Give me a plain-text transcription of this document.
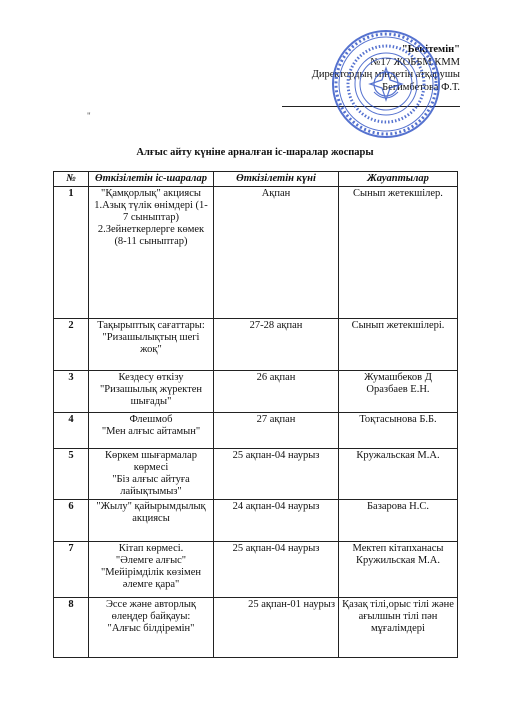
"Бекітемін"
№17 ЖОББМ КММ
Директордың міндетін атқарушы
Бегимбетова Ф.Т.
"
Алғыс айту күніне арналған іс-шаралар жоспары
№	Өткізілетін іс-шаралар	Өткізілетін күні	Жауаптылар
1	"Қамқорлық" акциясы
1.Азық түлік өнімдері (1-7 сыныптар)
2.Зейнеткерлерге көмек (8-11 сыныптар)	Ақпан	Сынып жетекшілер.
2	Тақырыптық сағаттары:
"Ризашылықтың шегі жоқ"	27-28 ақпан	Сынып жетекшілері.
3	Кездесу өткізу
"Ризашылық жүректен шығады"	26 ақпан	Жумашбеков Д
Оразбаев Е.Н.
4	Флешмоб
"Мен алғыс айтамын"	27 ақпан	Тоқтасынова Б.Б.
5	Көркем шығармалар көрмесі
"Біз алғыс айтуға лайықтымыз"	25 ақпан-04 наурыз	Кружальская М.А.
6	"Жылу" қайырымдылық акциясы	24 ақпан-04 наурыз	Базарова Н.С.
7	Кітап көрмесі.
"Әлемге алғыс"
"Мейірімділік көзімен әлемге қара"	25 ақпан-04 наурыз	Мектеп кітапханасы
Кружильская М.А.
8	Эссе және авторлық өлеңдер байқауы:
"Алғыс білдіремін"	25 ақпан-01 наурыз	Қазақ тілі,орыс тілі және ағылшын тілі пән мұғалімдері
